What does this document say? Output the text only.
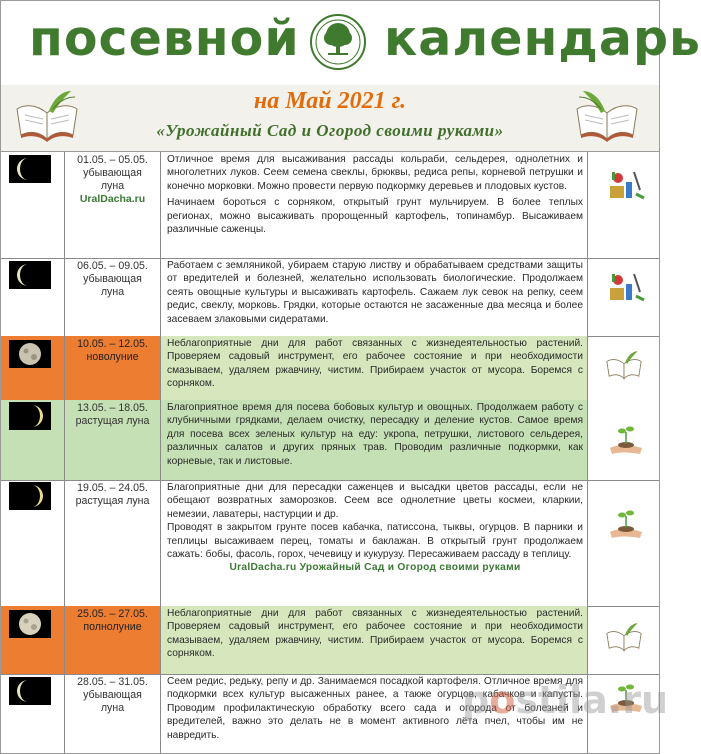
посевной календарь
на Май 2021 г.
«Урожайный Сад и Огород своими руками»
01.05. – 05.05.
убывающая луна
UralDacha.ru
Отличное время для высаживания рассады кольраби, сельдерея, однолетних и многолетних луков. Сеем семена свеклы, брюквы, редиса репы, корневой петрушки и конечно морковки. Можно провести первую подкормку деревьев и плодовых кустов.
Начинаем бороться с сорняком, открытый грунт мульчируем. В более теплых регионах, можно высаживать пророщенный картофель, топинамбур. Высаживаем различные саженцы.
06.05. – 09.05.
убывающая луна
Работаем с земляникой, убираем старую листву и обрабатываем средствами защиты от вредителей и болезней, желательно использовать биологические. Продолжаем сеять овощные культуры и высаживать картофель. Сажаем лук севок на репку, сеем редис, свеклу, морковь. Грядки, которые остаются не засаженные два месяца и более засеваем злаковыми сидератами.
10.05. – 12.05.
новолуние
Неблагоприятные дни для работ связанных с жизнедеятельностью растений. Проверяем садовый инструмент, его рабочее состояние и при необходимости смазываем, удаляем ржавчину, чистим. Прибираем участок от мусора. Боремся с сорняком.
13.05. – 18.05.
растущая луна
Благоприятное время для посева бобовых культур и овощных. Продолжаем работу с клубничными грядками, делаем очистку, пересадку и деление кустов. Самое время для посева всех зеленых культур на еду: укропа, петрушки, листового сельдерея, различных салатов и других пряных трав. Проводим различные подкормки, как корневые, так и листовые.
19.05. – 24.05.
растущая луна
Благоприятные дни для пересадки саженцев и высадки цветов рассады, если не обещают возвратных заморозков. Сеем все однолетние цветы космеи, кларкии, немезии, лаватеры, настурции и др.
Проводят в закрытом грунте посев кабачка, патиссона, тыквы, огурцов. В парники и теплицы высаживаем перец, томаты и баклажан. В открытый грунт продолжаем сажать: бобы, фасоль, горох, чечевицу и кукурузу. Пересаживаем рассаду в теплицу.
UralDacha.ru Урожайный Сад и Огород своими руками
25.05. – 27.05.
полнолуние
Неблагоприятные дни для работ связанных с жизнедеятельностью растений. Проверяем садовый инструмент, его рабочее состояние и при необходимости смазываем, удаляем ржавчину, чистим. Прибираем участок от мусора. Боремся с сорняком.
28.05. – 31.05.
убывающая луна
Сеем редис, редьку, репу и др. Занимаемся посадкой картофеля. Отличное время для подкормки всех культур высаженных ранее, а также огурцов, кабачков и капусты. Проводим профилактическую обработку всего сада и огорода от болезней и вредителей, важно это делать не в момент активного лёта пчел, чтобы им не навредить.
postila.ru
